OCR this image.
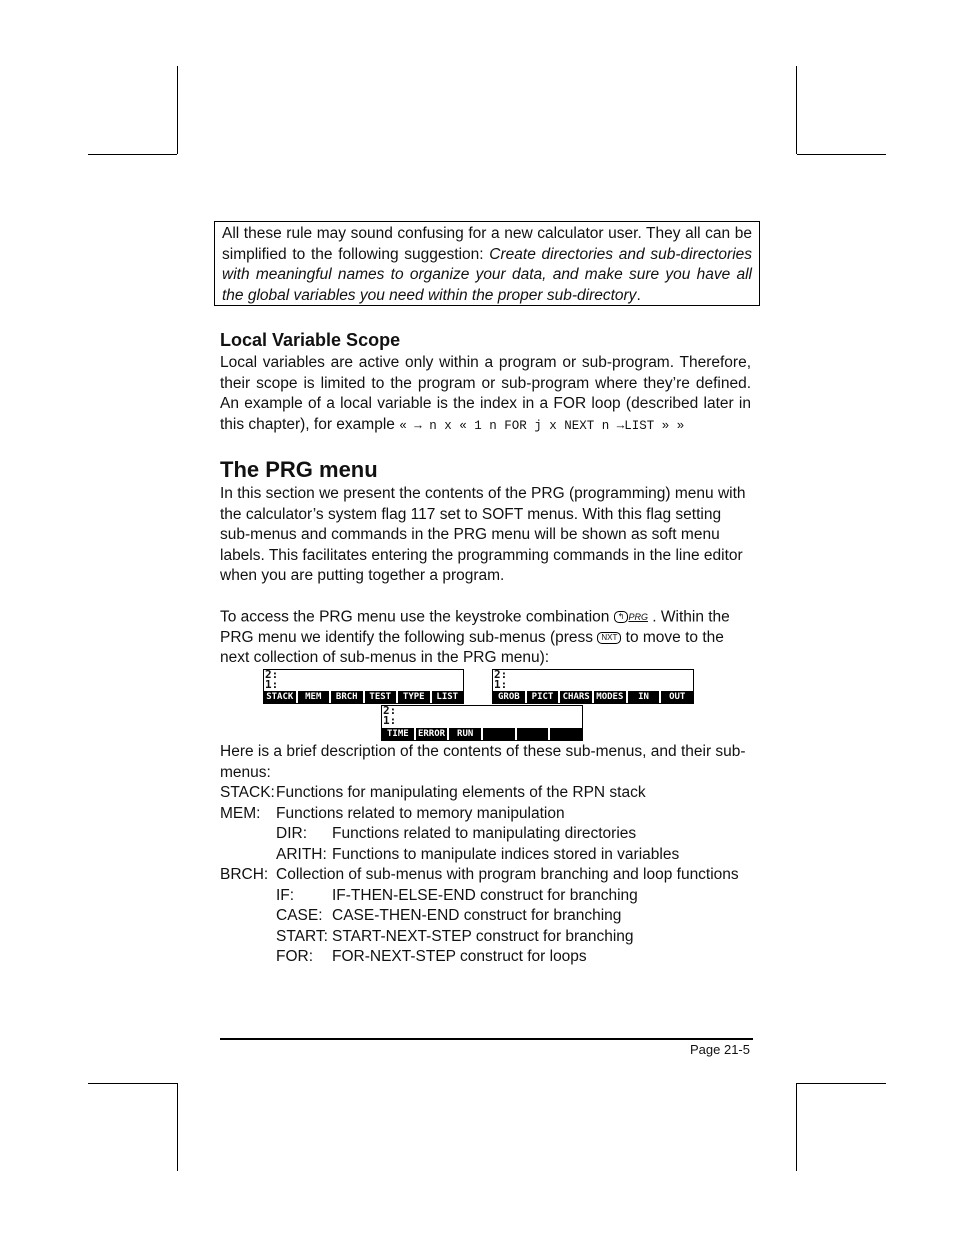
All these rule may sound confusing for a new calculator user. They all can be simplified to the following suggestion: Create directories and sub-directories with meaningful names to organize your data, and make sure you have all the global variables you need within the proper sub-directory.

Local Variable Scope
Local variables are active only within a program or sub-program. Therefore, their scope is limited to the program or sub-program where they’re defined. An example of a local variable is the index in a FOR loop (described later in this chapter), for example « → n x « 1 n FOR j x NEXT n →LIST » »
The PRG menu
In this section we present the contents of the PRG (programming) menu with the calculator’s system flag 117 set to SOFT menus. With this flag setting sub-menus and commands in the PRG menu will be shown as soft menu labels. This facilitates entering the programming commands in the line editor when you are putting together a program.
To access the PRG menu use the keystroke combination ↰ PRG . Within the PRG menu we identify the following sub-menus (press NXT to move to the next collection of sub-menus in the PRG menu):
2:
1:
STACK	MEM	BRCH	TEST	TYPE	LIST
2:
1:
GROB	PICT	CHARS MODES	IN	OUT
2:
1:
TIME	ERROR	RUN
Here is a brief description of the contents of these sub-menus, and their sub-menus:
STACK:Functions for manipulating elements of the RPN stack
MEM: Functions related to memory manipulation
DIR: Functions related to manipulating directories
ARITH: Functions to manipulate indices stored in variables
BRCH: Collection of sub-menus with program branching and loop functions
IF: IF-THEN-ELSE-END construct for branching
CASE: CASE-THEN-END construct for branching
START: START-NEXT-STEP construct for branching
FOR: FOR-NEXT-STEP construct for loops
Page 21-5
